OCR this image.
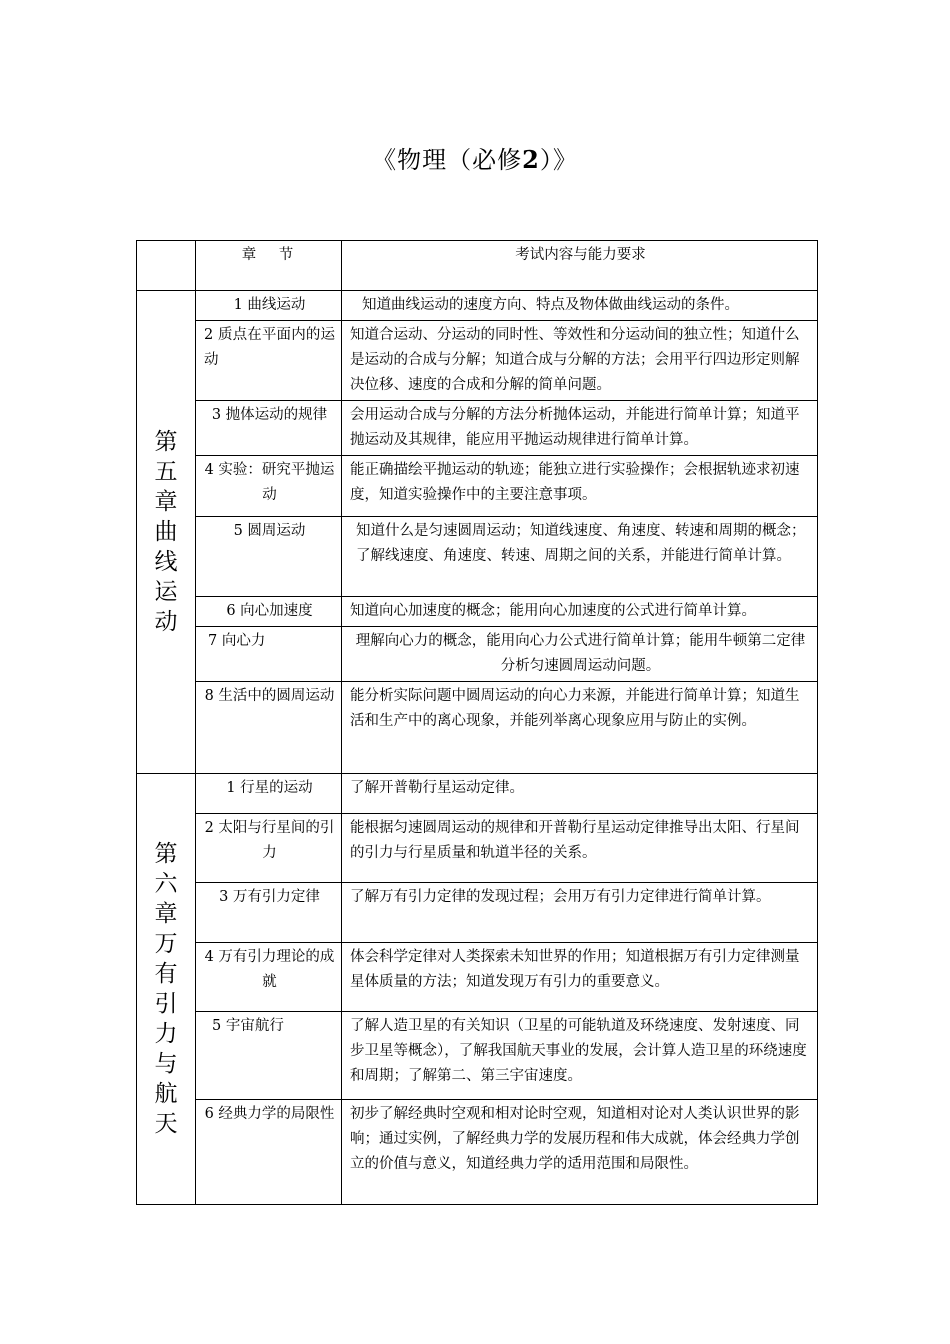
《物理（必修2）》
	章　节	考试内容与能力要求
第五章　曲线运动	1 曲线运动	知道曲线运动的速度方向、特点及物体做曲线运动的条件。
	2 质点在平面内的运动	知道合运动、分运动的同时性、等效性和分运动间的独立性；知道什么是运动的合成与分解；知道合成与分解的方法；会用平行四边形定则解决位移、速度的合成和分解的简单问题。
	3 抛体运动的规律	会用运动合成与分解的方法分析抛体运动，并能进行简单计算；知道平抛运动及其规律，能应用平抛运动规律进行简单计算。
	4 实验：研究平抛运动	能正确描绘平抛运动的轨迹；能独立进行实验操作；会根据轨迹求初速度，知道实验操作中的主要注意事项。
	5 圆周运动	知道什么是匀速圆周运动；知道线速度、角速度、转速和周期的概念；了解线速度、角速度、转速、周期之间的关系，并能进行简单计算。
	6 向心加速度	知道向心加速度的概念；能用向心加速度的公式进行简单计算。
	7 向心力	理解向心力的概念，能用向心力公式进行简单计算；能用牛顿第二定律分析匀速圆周运动问题。
	8 生活中的圆周运动	能分析实际问题中圆周运动的向心力来源，并能进行简单计算；知道生活和生产中的离心现象，并能列举离心现象应用与防止的实例。
第六章　万有引力与航天	1 行星的运动	了解开普勒行星运动定律。
	2 太阳与行星间的引力	能根据匀速圆周运动的规律和开普勒行星运动定律推导出太阳、行星间的引力与行星质量和轨道半径的关系。
	3 万有引力定律	了解万有引力定律的发现过程；会用万有引力定律进行简单计算。
	4 万有引力理论的成就	体会科学定律对人类探索未知世界的作用；知道根据万有引力定律测量星体质量的方法；知道发现万有引力的重要意义。
	5 宇宙航行	了解人造卫星的有关知识（卫星的可能轨道及环绕速度、发射速度、同步卫星等概念），了解我国航天事业的发展，会计算人造卫星的环绕速度和周期；了解第二、第三宇宙速度。
	6 经典力学的局限性	初步了解经典时空观和相对论时空观，知道相对论对人类认识世界的影响；通过实例，了解经典力学的发展历程和伟大成就，体会经典力学创立的价值与意义，知道经典力学的适用范围和局限性。
